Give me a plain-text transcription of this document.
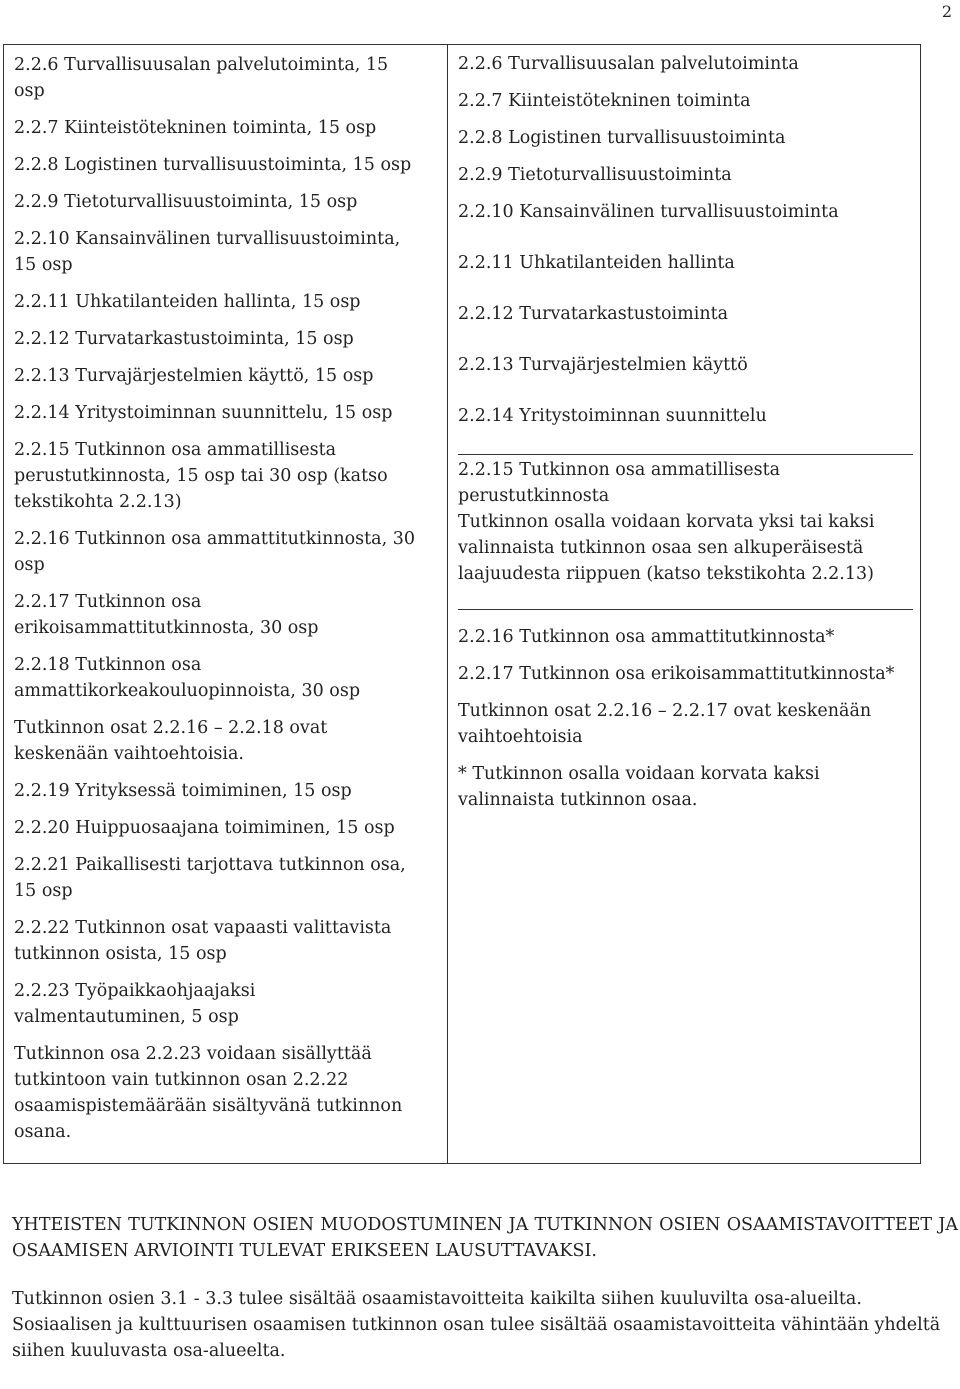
2

2.2.6 Turvallisuusalan palvelutoiminta, 15 osp

2.2.7 Kiinteistötekninen toiminta, 15 osp

2.2.8 Logistinen turvallisuustoiminta, 15 osp

2.2.9 Tietoturvallisuustoiminta, 15 osp

2.2.10 Kansainvälinen turvallisuustoiminta, 15 osp

2.2.11 Uhkatilanteiden hallinta, 15 osp

2.2.12 Turvatarkastustoiminta, 15 osp

2.2.13 Turvajärjestelmien käyttö, 15 osp

2.2.14 Yritystoiminnan suunnittelu, 15 osp

2.2.15 Tutkinnon osa ammatillisesta perustutkinnosta, 15 osp tai 30 osp (katso tekstikohta 2.2.13)

2.2.16 Tutkinnon osa ammattitutkinnosta, 30 osp

2.2.17 Tutkinnon osa erikoisammattitutkinnosta, 30 osp

2.2.18 Tutkinnon osa ammattikorkeakouluopinnoista, 30 osp

Tutkinnon osat 2.2.16 – 2.2.18 ovat keskenään vaihtoehtoisia.

2.2.19 Yrityksessä toimiminen, 15 osp

2.2.20 Huippuosaajana toimiminen, 15 osp

2.2.21 Paikallisesti tarjottava tutkinnon osa, 15 osp

2.2.22 Tutkinnon osat vapaasti valittavista tutkinnon osista, 15 osp

2.2.23 Työpaikkaohjaajaksi valmentautuminen, 5 osp

Tutkinnon osa 2.2.23 voidaan sisällyttää tutkintoon vain tutkinnon osan 2.2.22 osaamispistemäärään sisältyvänä tutkinnon osana.

2.2.6 Turvallisuusalan palvelutoiminta

2.2.7 Kiinteistötekninen toiminta

2.2.8 Logistinen turvallisuustoiminta

2.2.9 Tietoturvallisuustoiminta

2.2.10 Kansainvälinen turvallisuustoiminta

2.2.11 Uhkatilanteiden hallinta

2.2.12 Turvatarkastustoiminta

2.2.13 Turvajärjestelmien käyttö

2.2.14 Yritystoiminnan suunnittelu

2.2.15 Tutkinnon osa ammatillisesta perustutkinnosta

Tutkinnon osalla voidaan korvata yksi tai kaksi valinnaista tutkinnon osaa sen alkuperäisestä laajuudesta riippuen (katso tekstikohta 2.2.13)

2.2.16 Tutkinnon osa ammattitutkinnosta*

2.2.17 Tutkinnon osa erikoisammattitutkinnosta*

Tutkinnon osat 2.2.16 – 2.2.17 ovat keskenään vaihtoehtoisia

* Tutkinnon osalla voidaan korvata kaksi valinnaista tutkinnon osaa.

YHTEISTEN TUTKINNON OSIEN MUODOSTUMINEN JA TUTKINNON OSIEN OSAAMISTAVOITTEET JA OSAAMISEN ARVIOINTI TULEVAT ERIKSEEN LAUSUTTAVAKSI.

Tutkinnon osien 3.1 - 3.3 tulee sisältää osaamistavoitteita kaikilta siihen kuuluvilta osa-alueilta. Sosiaalisen ja kulttuurisen osaamisen tutkinnon osan tulee sisältää osaamistavoitteita vähintään yhdeltä siihen kuuluvasta osa-alueelta.
